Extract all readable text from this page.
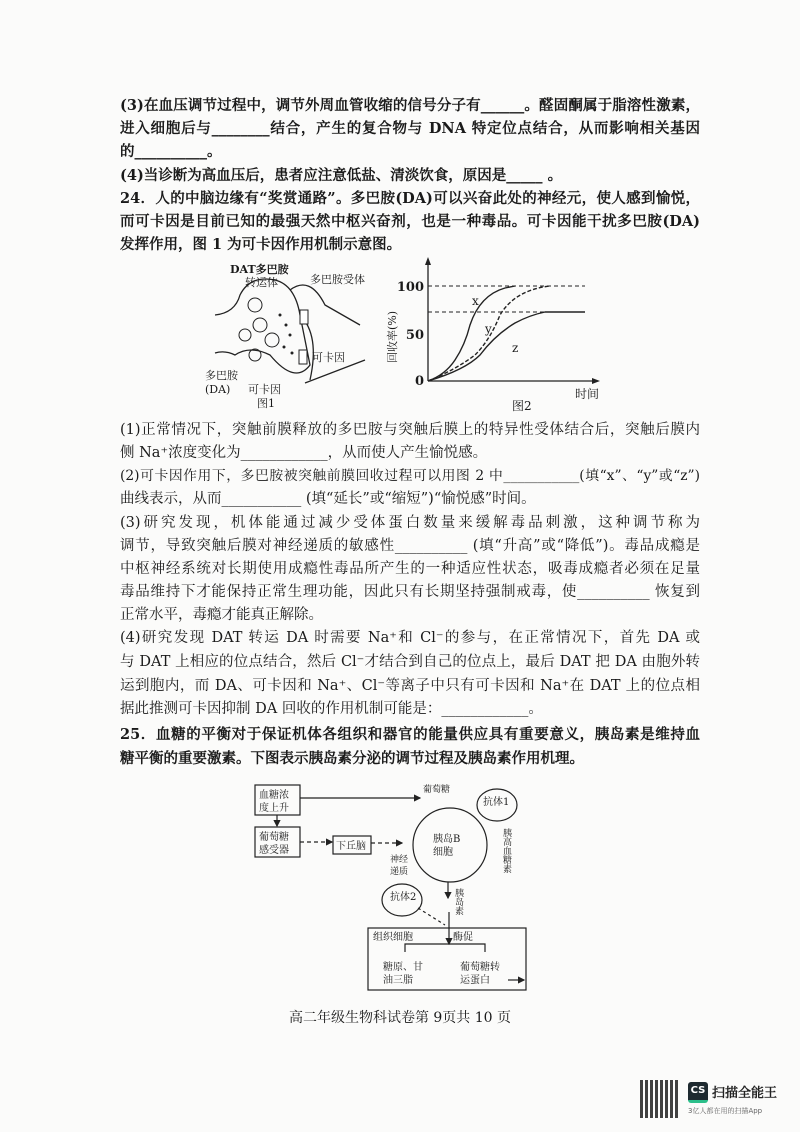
(3)在血压调节过程中，调节外周血管收缩的信号分子有______。醛固酮属于脂溶性激素，
进入细胞后与________结合，产生的复合物与 DNA 特定位点结合，从而影响相关基因
的__________。
(4)当诊断为高血压后，患者应注意低盐、清淡饮食，原因是_____ 。
24．人的中脑边缘有“奖赏通路”。多巴胺(DA)可以兴奋此处的神经元，使人感到愉悦，
而可卡因是目前已知的最强天然中枢兴奋剂，也是一种毒品。可卡因能干扰多巴胺(DA)
发挥作用，图 1 为可卡因作用机制示意图。
DAT多巴胺
转运体	多巴胺受体
可卡因
多巴胺
(DA) 可卡因
图1
0
50
100
回收率(%)
时间
x
y
z
图2
(1)正常情况下，突触前膜释放的多巴胺与突触后膜上的特异性受体结合后，突触后膜内
侧 Na⁺浓度变化为____________，从而使人产生愉悦感。
(2)可卡因作用下，多巴胺被突触前膜回收过程可以用图 2 中___________(填“x”、“y”或“z”)
曲线表示，从而___________ (填“延长”或“缩短”)“愉悦感”时间。
(3)研究发现，机体能通过减少受体蛋白数量来缓解毒品刺激，这种调节称为
调节，导致突触后膜对神经递质的敏感性__________ (填“升高”或“降低”)。毒品成瘾是
中枢神经系统对长期使用成瘾性毒品所产生的一种适应性状态，吸毒成瘾者必须在足量
毒品维持下才能保持正常生理功能，因此只有长期坚持强制戒毒，使__________ 恢复到
正常水平，毒瘾才能真正解除。
(4)研究发现 DAT 转运 DA 时需要 Na⁺和 Cl⁻的参与，在正常情况下，首先 DA 或
与 DAT 上相应的位点结合，然后 Cl⁻才结合到自己的位点上，最后 DAT 把 DA 由胞外转
运到胞内，而 DA、可卡因和 Na⁺、Cl⁻等离子中只有可卡因和 Na⁺在 DAT 上的位点相
据此推测可卡因抑制 DA 回收的作用机制可能是：____________。
25．血糖的平衡对于保证机体各组织和器官的能量供应具有重要意义，胰岛素是维持血
糖平衡的重要激素。下图表示胰岛素分泌的调节过程及胰岛素作用机理。
血糖浓
度上升
葡萄糖
感受器	下丘脑
葡萄糖
抗体1
抗体2
胰岛B
细胞
神经
递质	胰高血糖素
胰岛素
组织细胞	酶促
糖原、甘
油三脂
葡萄糖转
运蛋白
高二年级生物科试卷第 9页共 10 页
CS 扫描全能王
3亿人都在用的扫描App
